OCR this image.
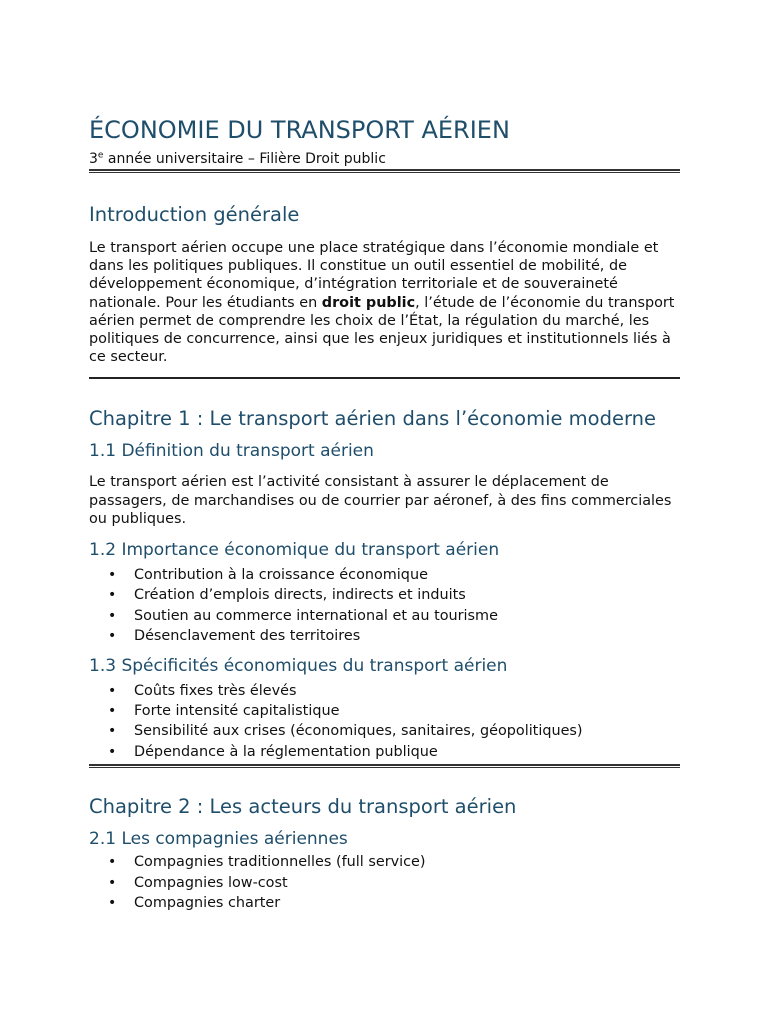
ÉCONOMIE DU TRANSPORT AÉRIEN
3e année universitaire – Filière Droit public
Introduction générale

Le transport aérien occupe une place stratégique dans l’économie mondiale et dans les politiques publiques. Il constitue un outil essentiel de mobilité, de développement économique, d’intégration territoriale et de souveraineté nationale. Pour les étudiants en droit public, l’étude de l’économie du transport aérien permet de comprendre les choix de l’État, la régulation du marché, les politiques de concurrence, ainsi que les enjeux juridiques et institutionnels liés à ce secteur.

Chapitre 1 : Le transport aérien dans l’économie moderne
1.1 Définition du transport aérien

Le transport aérien est l’activité consistant à assurer le déplacement de passagers, de marchandises ou de courrier par aéronef, à des fins commerciales ou publiques.

1.2 Importance économique du transport aérien
• Contribution à la croissance économique
• Création d’emplois directs, indirects et induits
• Soutien au commerce international et au tourisme
• Désenclavement des territoires
1.3 Spécificités économiques du transport aérien
• Coûts fixes très élevés
• Forte intensité capitalistique
• Sensibilité aux crises (économiques, sanitaires, géopolitiques)
• Dépendance à la réglementation publique
Chapitre 2 : Les acteurs du transport aérien
2.1 Les compagnies aériennes
• Compagnies traditionnelles (full service)
• Compagnies low-cost
• Compagnies charter
